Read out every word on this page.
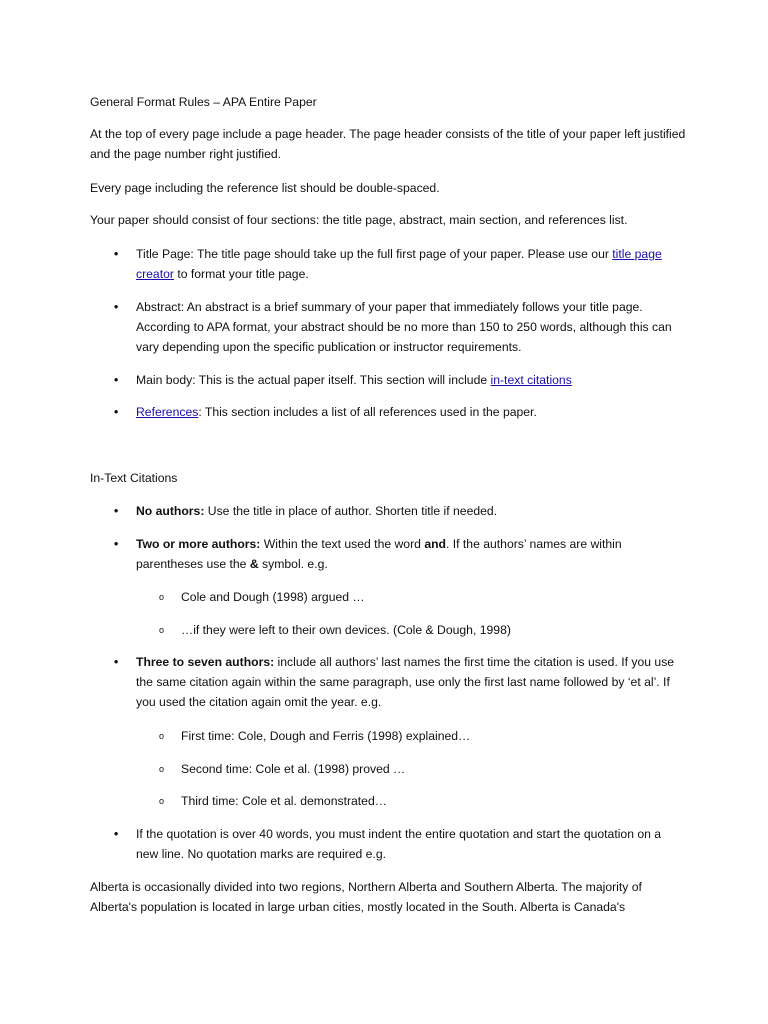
General Format Rules – APA Entire Paper

At the top of every page include a page header. The page header consists of the title of your paper left justified and the page number right justified.

Every page including the reference list should be double-spaced.

Your paper should consist of four sections: the title page, abstract, main section, and references list.

•	Title Page: The title page should take up the full first page of your paper. Please use our title page creator to format your title page.

•	Abstract: An abstract is a brief summary of your paper that immediately follows your title page. According to APA format, your abstract should be no more than 150 to 250 words, although this can vary depending upon the specific publication or instructor requirements.

•	Main body: This is the actual paper itself. This section will include in-text citations

•	References: This section includes a list of all references used in the paper.

In-Text Citations

•	No authors: Use the title in place of author. Shorten title if needed.

•	Two or more authors: Within the text used the word and. If the authors’ names are within parentheses use the & symbol. e.g.

o	Cole and Dough (1998) argued …

o	…if they were left to their own devices. (Cole & Dough, 1998)

•	Three to seven authors: include all authors’ last names the first time the citation is used. If you use the same citation again within the same paragraph, use only the first last name followed by ‘et al’. If you used the citation again omit the year. e.g.

o	First time: Cole, Dough and Ferris (1998) explained…

o	Second time: Cole et al. (1998) proved …

o	Third time: Cole et al. demonstrated…

•	If the quotation is over 40 words, you must indent the entire quotation and start the quotation on a new line. No quotation marks are required e.g.

Alberta is occasionally divided into two regions, Northern Alberta and Southern Alberta. The majority of Alberta's population is located in large urban cities, mostly located in the South. Alberta is Canada's
